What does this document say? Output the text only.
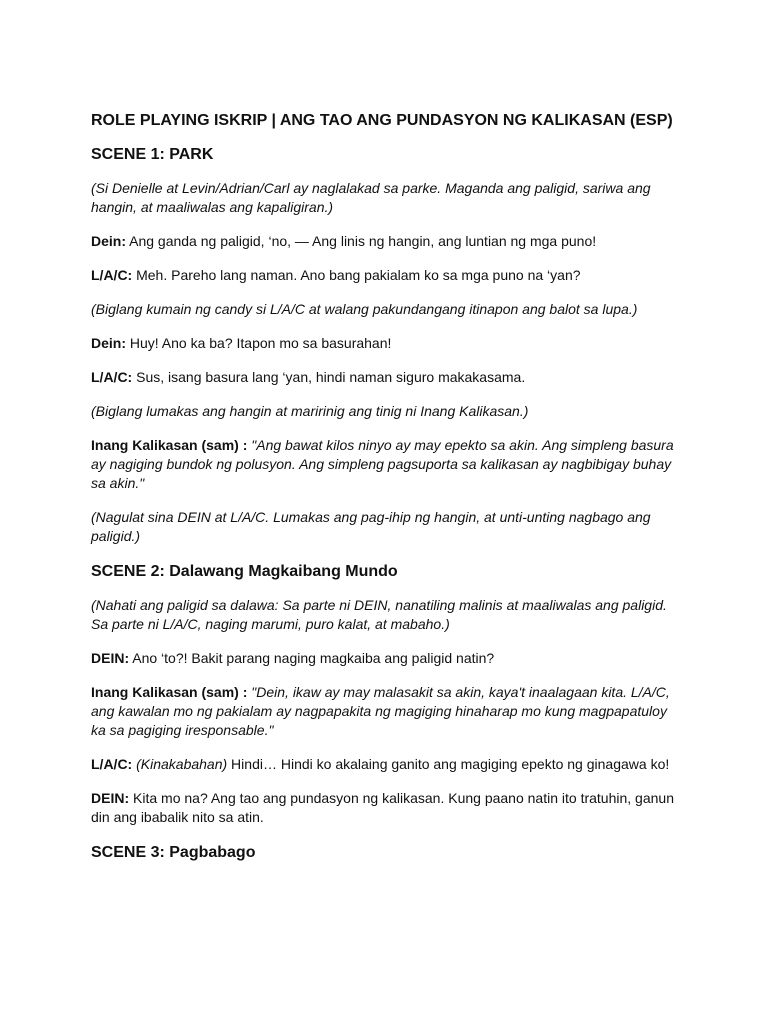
ROLE PLAYING ISKRIP | ANG TAO ANG PUNDASYON NG KALIKASAN (ESP)
SCENE 1: PARK

(Si Denielle at Levin/Adrian/Carl ay naglalakad sa parke. Maganda ang paligid, sariwa ang hangin, at maaliwalas ang kapaligiran.)

Dein: Ang ganda ng paligid, ‘no, — Ang linis ng hangin, ang luntian ng mga puno!

L/A/C: Meh. Pareho lang naman. Ano bang pakialam ko sa mga puno na ‘yan?

(Biglang kumain ng candy si L/A/C at walang pakundangang itinapon ang balot sa lupa.)

Dein: Huy! Ano ka ba? Itapon mo sa basurahan!

L/A/C: Sus, isang basura lang ‘yan, hindi naman siguro makakasama.

(Biglang lumakas ang hangin at maririnig ang tinig ni Inang Kalikasan.)

Inang Kalikasan (sam) : "Ang bawat kilos ninyo ay may epekto sa akin. Ang simpleng basura ay nagiging bundok ng polusyon. Ang simpleng pagsuporta sa kalikasan ay nagbibigay buhay sa akin."

(Nagulat sina DEIN at L/A/C. Lumakas ang pag-ihip ng hangin, at unti-unting nagbago ang paligid.)

SCENE 2: Dalawang Magkaibang Mundo

(Nahati ang paligid sa dalawa: Sa parte ni DEIN, nanatiling malinis at maaliwalas ang paligid. Sa parte ni L/A/C, naging marumi, puro kalat, at mabaho.)

DEIN: Ano ‘to?! Bakit parang naging magkaiba ang paligid natin?

Inang Kalikasan (sam) : "Dein, ikaw ay may malasakit sa akin, kaya't inaalagaan kita. L/A/C, ang kawalan mo ng pakialam ay nagpapakita ng magiging hinaharap mo kung magpapatuloy ka sa pagiging iresponsable."

L/A/C: (Kinakabahan) Hindi… Hindi ko akalaing ganito ang magiging epekto ng ginagawa ko!

DEIN: Kita mo na? Ang tao ang pundasyon ng kalikasan. Kung paano natin ito tratuhin, ganun din ang ibabalik nito sa atin.

SCENE 3: Pagbabago
